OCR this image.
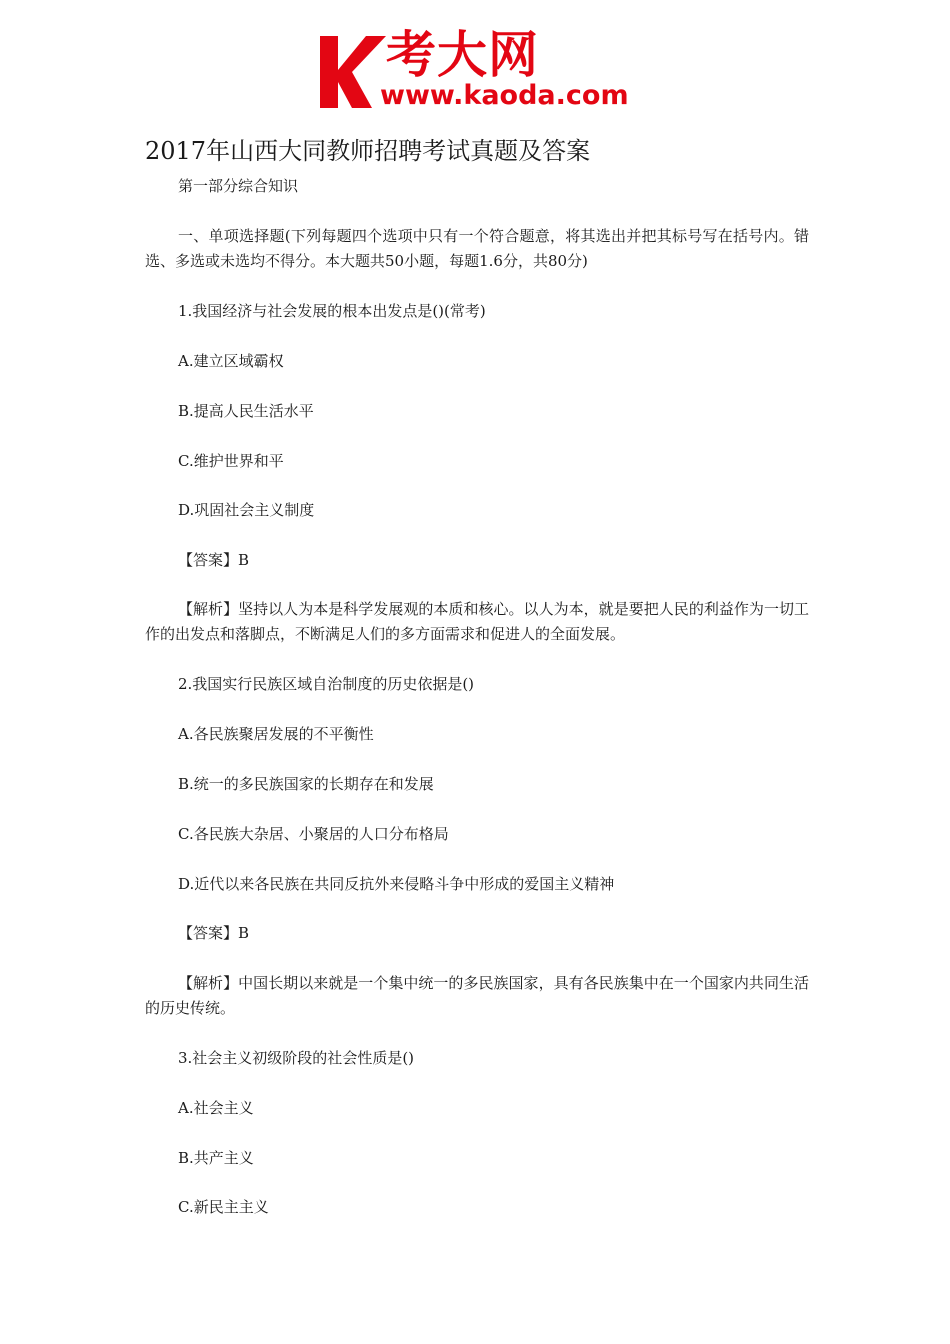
考大网
www.kaoda.com
2017年山西大同教师招聘考试真题及答案
第一部分综合知识
一、单项选择题(下列每题四个选项中只有一个符合题意，将其选出并把其标号写在括号内。错选、多选或未选均不得分。本大题共50小题，每题1.6分，共80分)
1.我国经济与社会发展的根本出发点是()(常考)
A.建立区域霸权
B.提高人民生活水平
C.维护世界和平
D.巩固社会主义制度
【答案】B
【解析】坚持以人为本是科学发展观的本质和核心。以人为本，就是要把人民的利益作为一切工作的出发点和落脚点，不断满足人们的多方面需求和促进人的全面发展。
2.我国实行民族区域自治制度的历史依据是()
A.各民族聚居发展的不平衡性
B.统一的多民族国家的长期存在和发展
C.各民族大杂居、小聚居的人口分布格局
D.近代以来各民族在共同反抗外来侵略斗争中形成的爱国主义精神
【答案】B
【解析】中国长期以来就是一个集中统一的多民族国家，具有各民族集中在一个国家内共同生活的历史传统。
3.社会主义初级阶段的社会性质是()
A.社会主义
B.共产主义
C.新民主主义
